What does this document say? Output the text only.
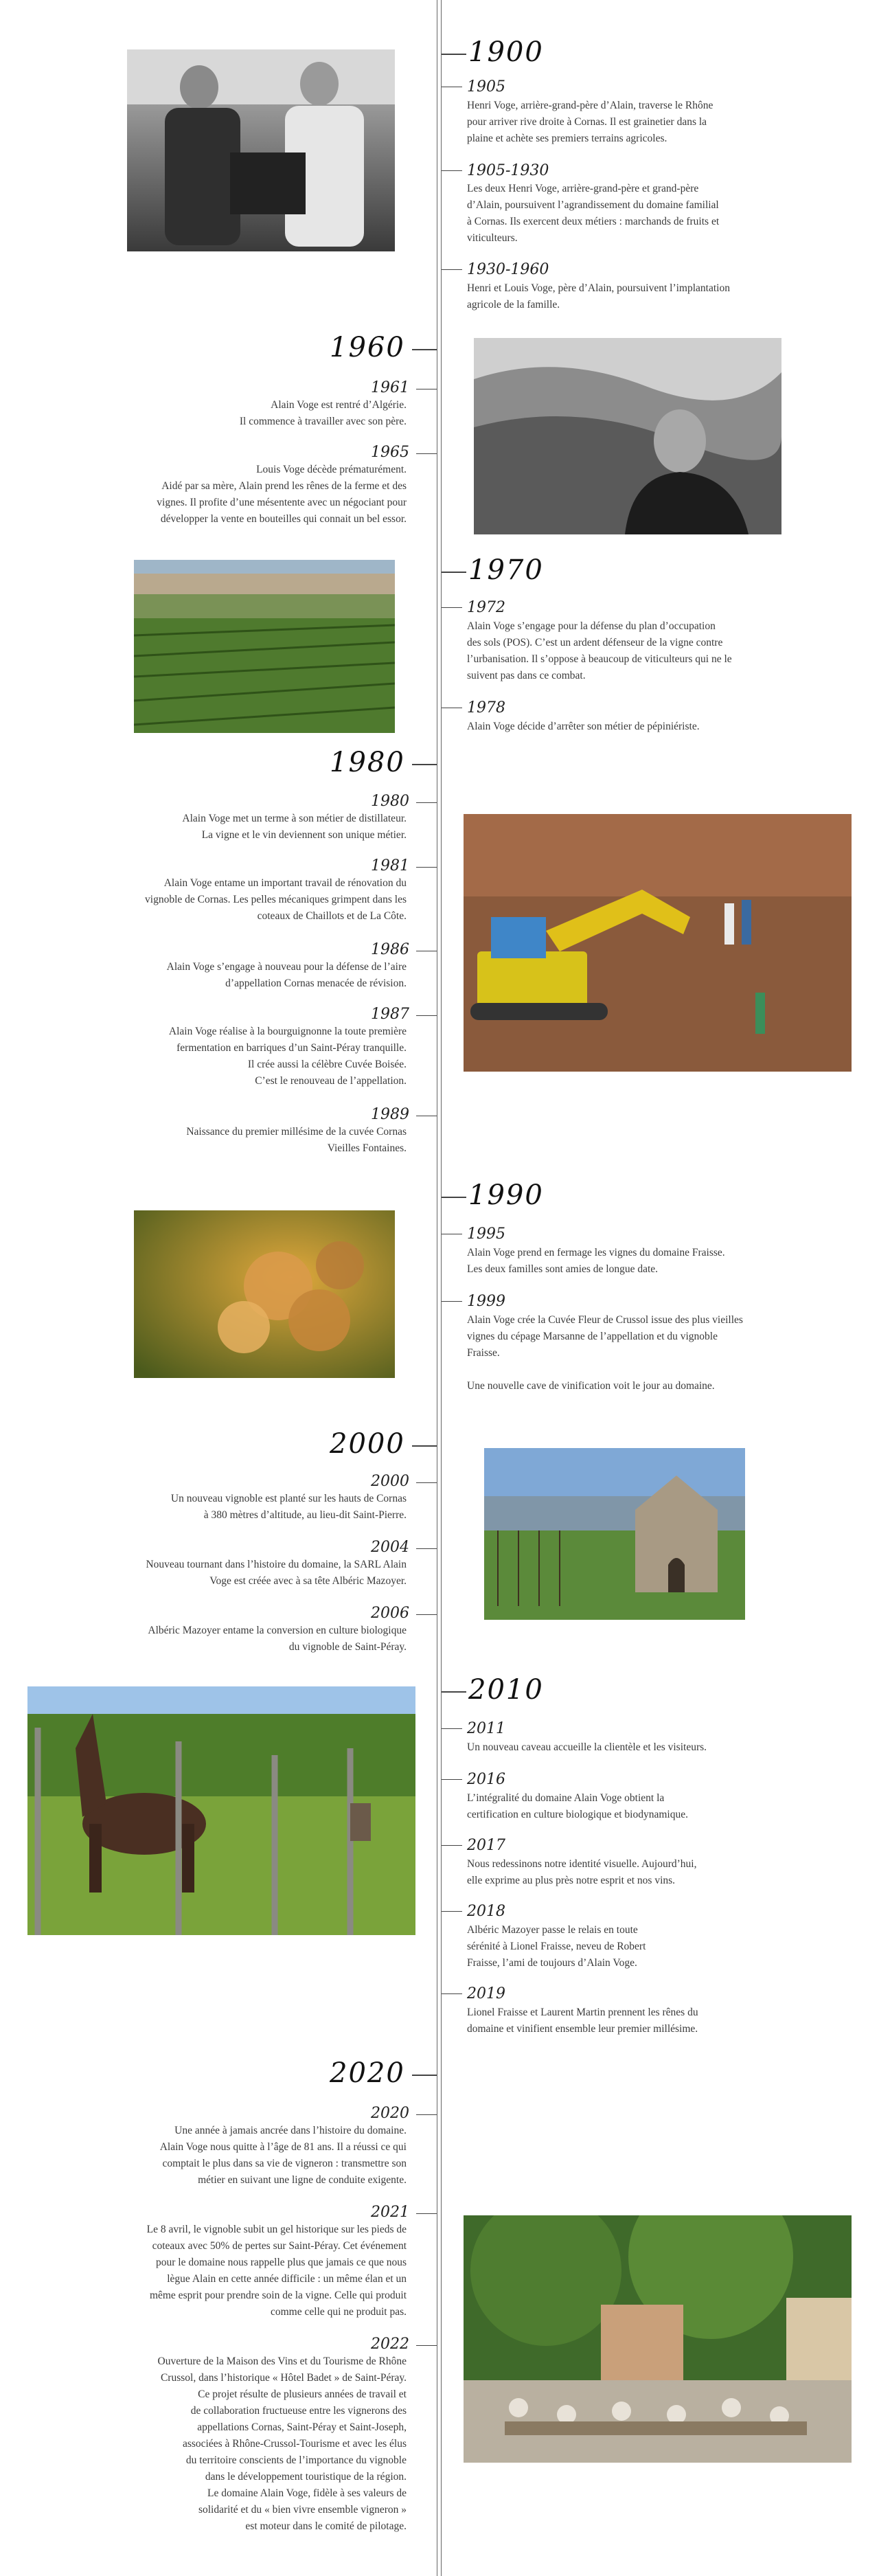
1900
1905

Henri Voge, arrière-grand-père d’Alain, traverse le Rhône

pour arriver rive droite à Cornas. Il est grainetier dans la

plaine et achète ses premiers terrains agricoles.

1905-1930

Les deux Henri Voge, arrière-grand-père et grand-père

d’Alain, poursuivent l’agrandissement du domaine familial

à Cornas. Ils exercent deux métiers : marchands de fruits et

viticulteurs.

1930-1960

Henri et Louis Voge, père d’Alain, poursuivent l’implantation

agricole de la famille.

1960
1961

Alain Voge est rentré d’Algérie.

Il commence à travailler avec son père.

1965

Louis Voge décède prématurément.

Aidé par sa mère, Alain prend les rênes de la ferme et des

vignes. Il profite d’une mésentente avec un négociant pour

développer la vente en bouteilles qui connait un bel essor.

1970
1972

Alain Voge s’engage pour la défense du plan d’occupation

des sols (POS). C’est un ardent défenseur de la vigne contre

l’urbanisation. Il s’oppose à beaucoup de viticulteurs qui ne le

suivent pas dans ce combat.

1978

Alain Voge décide d’arrêter son métier de pépiniériste.

1980
1980

Alain Voge met un terme à son métier de distillateur.

La vigne et le vin deviennent son unique métier.

1981

Alain Voge entame un important travail de rénovation du

vignoble de Cornas. Les pelles mécaniques grimpent dans les

coteaux de Chaillots et de La Côte.

1986

Alain Voge s’engage à nouveau pour la défense de l’aire

d’appellation Cornas menacée de révision.

1987

Alain Voge réalise à la bourguignonne la toute première

fermentation en barriques d’un Saint-Péray tranquille.

Il crée aussi la célèbre Cuvée Boisée.

C’est le renouveau de l’appellation.

1989

Naissance du premier millésime de la cuvée Cornas

Vieilles Fontaines.

1990
1995

Alain Voge prend en fermage les vignes du domaine Fraisse.

Les deux familles sont amies de longue date.

1999

Alain Voge crée la Cuvée Fleur de Crussol issue des plus vieilles

vignes du cépage Marsanne de l’appellation et du vignoble

Fraisse.

Une nouvelle cave de vinification voit le jour au domaine.

2000
2000

Un nouveau vignoble est planté sur les hauts de Cornas

à 380 mètres d’altitude, au lieu-dit Saint-Pierre.

2004

Nouveau tournant dans l’histoire du domaine, la SARL Alain

Voge est créée avec à sa tête Albéric Mazoyer.

2006

Albéric Mazoyer entame la conversion en culture biologique

du vignoble de Saint-Péray.

2010
2011

Un nouveau caveau accueille la clientèle et les visiteurs.

2016

L’intégralité du domaine Alain Voge obtient la

certification en culture biologique et biodynamique.

2017

Nous redessinons notre identité visuelle. Aujourd’hui,

elle exprime au plus près notre esprit et nos vins.

2018

Albéric Mazoyer passe le relais en toute

sérénité à Lionel Fraisse, neveu de Robert

Fraisse, l’ami de toujours d’Alain Voge.

2019

Lionel Fraisse et Laurent Martin prennent les rênes du

domaine et vinifient ensemble leur premier millésime.

2020
2020

Une année à jamais ancrée dans l’histoire du domaine.

Alain Voge nous quitte à l’âge de 81 ans. Il a réussi ce qui

comptait le plus dans sa vie de vigneron : transmettre son

métier en suivant une ligne de conduite exigente.

2021

Le 8 avril, le vignoble subit un gel historique sur les pieds de

coteaux avec 50% de pertes sur Saint-Péray. Cet événement

pour le domaine nous rappelle plus que jamais ce que nous

lègue Alain en cette année difficile : un même élan et un

même esprit pour prendre soin de la vigne. Celle qui produit

comme celle qui ne produit pas.

2022

Ouverture de la Maison des Vins et du Tourisme de Rhône

Crussol, dans l’historique « Hôtel Badet » de Saint-Péray.

Ce projet résulte de plusieurs années de travail et

de collaboration fructueuse entre les vignerons des

appellations Cornas, Saint-Péray et Saint-Joseph,

associées à Rhône-Crussol-Tourisme et avec les élus

du territoire conscients de l’importance du vignoble

dans le développement touristique de la région.

Le domaine Alain Voge, fidèle à ses valeurs de

solidarité et du « bien vivre ensemble vigneron »

est moteur dans le comité de pilotage.
